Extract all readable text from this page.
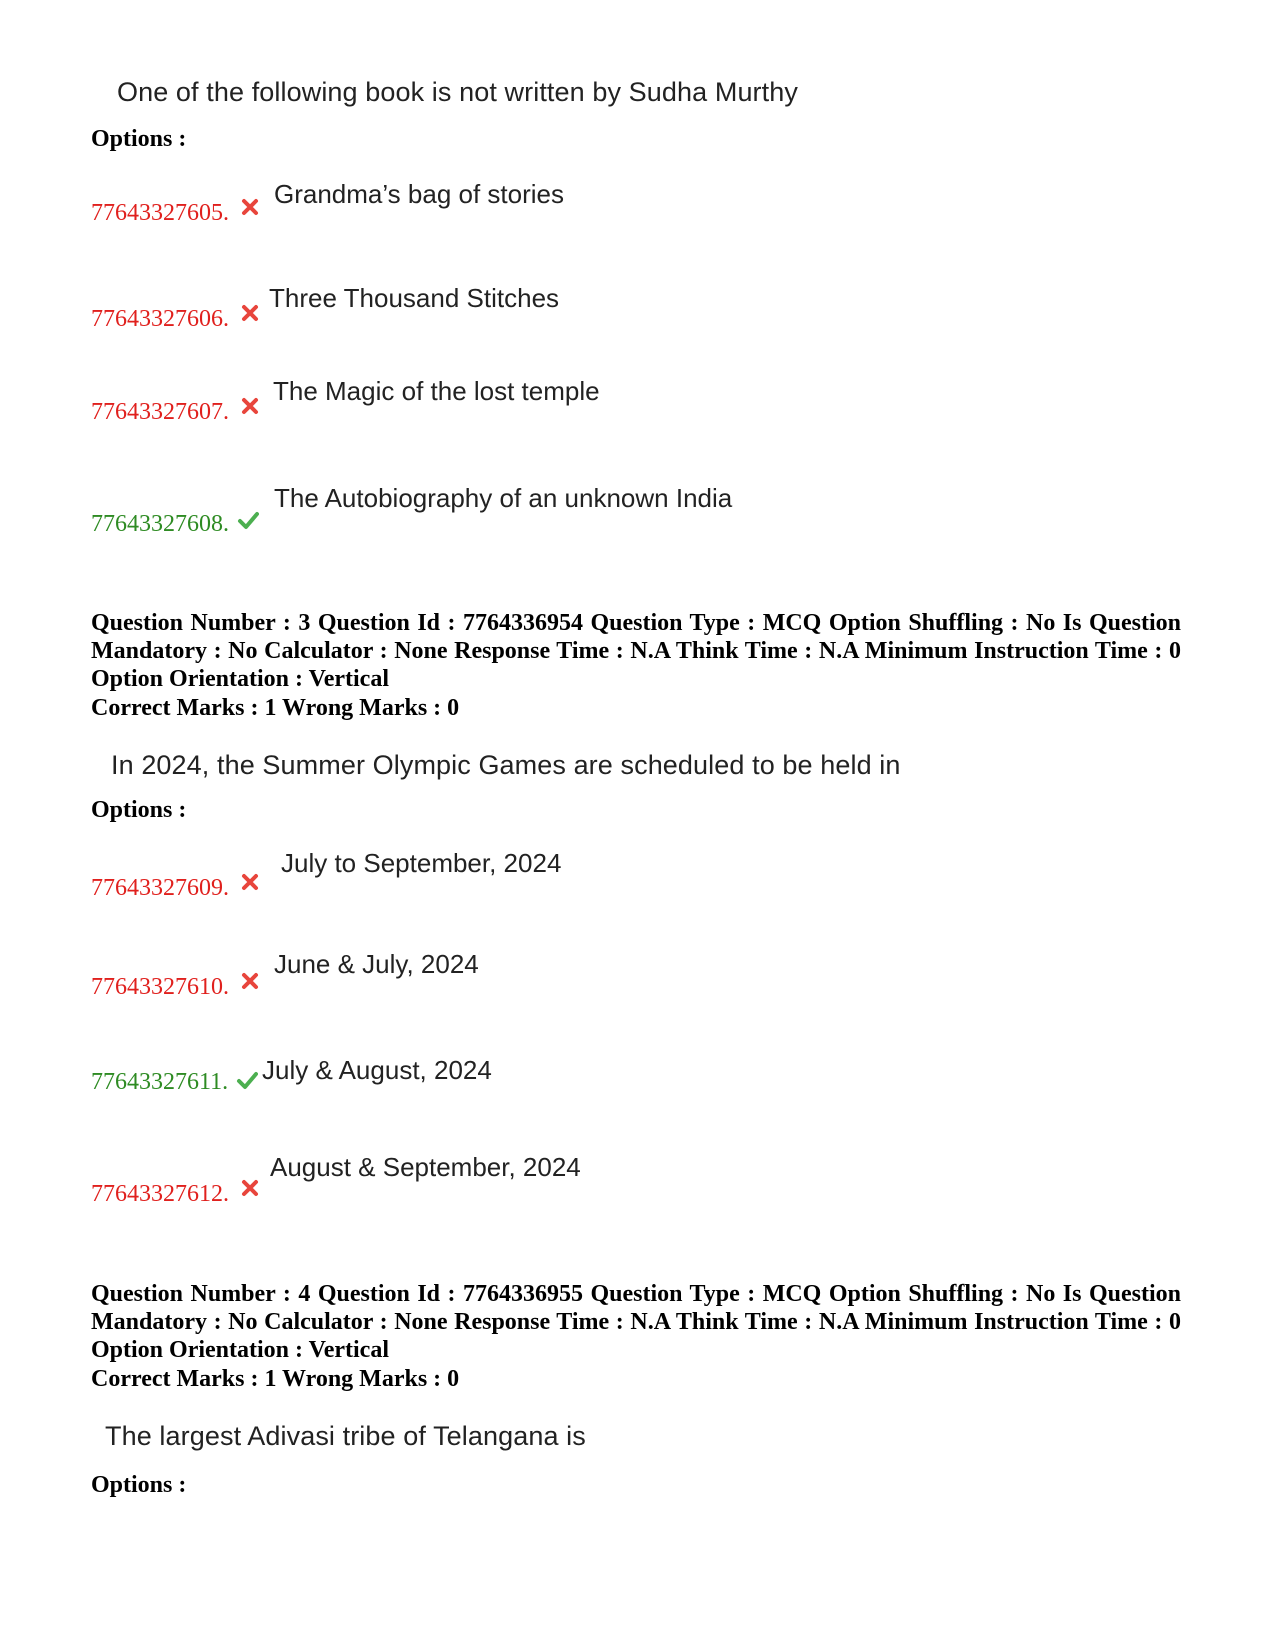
One of the following book is not written by Sudha Murthy
Options :
Grandma’s bag of stories
77643327605.
Three Thousand Stitches
77643327606.
The Magic of the lost temple
77643327607.
The Autobiography of an unknown India
77643327608.
Question Number : 3 Question Id : 7764336954 Question Type : MCQ Option Shuffling : No Is Question Mandatory : No Calculator : None Response Time : N.A Think Time : N.A Minimum Instruction Time : 0 Option Orientation : Vertical
Correct Marks : 1 Wrong Marks : 0
In 2024, the Summer Olympic Games are scheduled to be held in
Options :
July to September, 2024
77643327609.
June & July, 2024
77643327610.
July & August, 2024
77643327611.
August & September, 2024
77643327612.
Question Number : 4 Question Id : 7764336955 Question Type : MCQ Option Shuffling : No Is Question Mandatory : No Calculator : None Response Time : N.A Think Time : N.A Minimum Instruction Time : 0 Option Orientation : Vertical
Correct Marks : 1 Wrong Marks : 0
The largest Adivasi tribe of Telangana is
Options :
